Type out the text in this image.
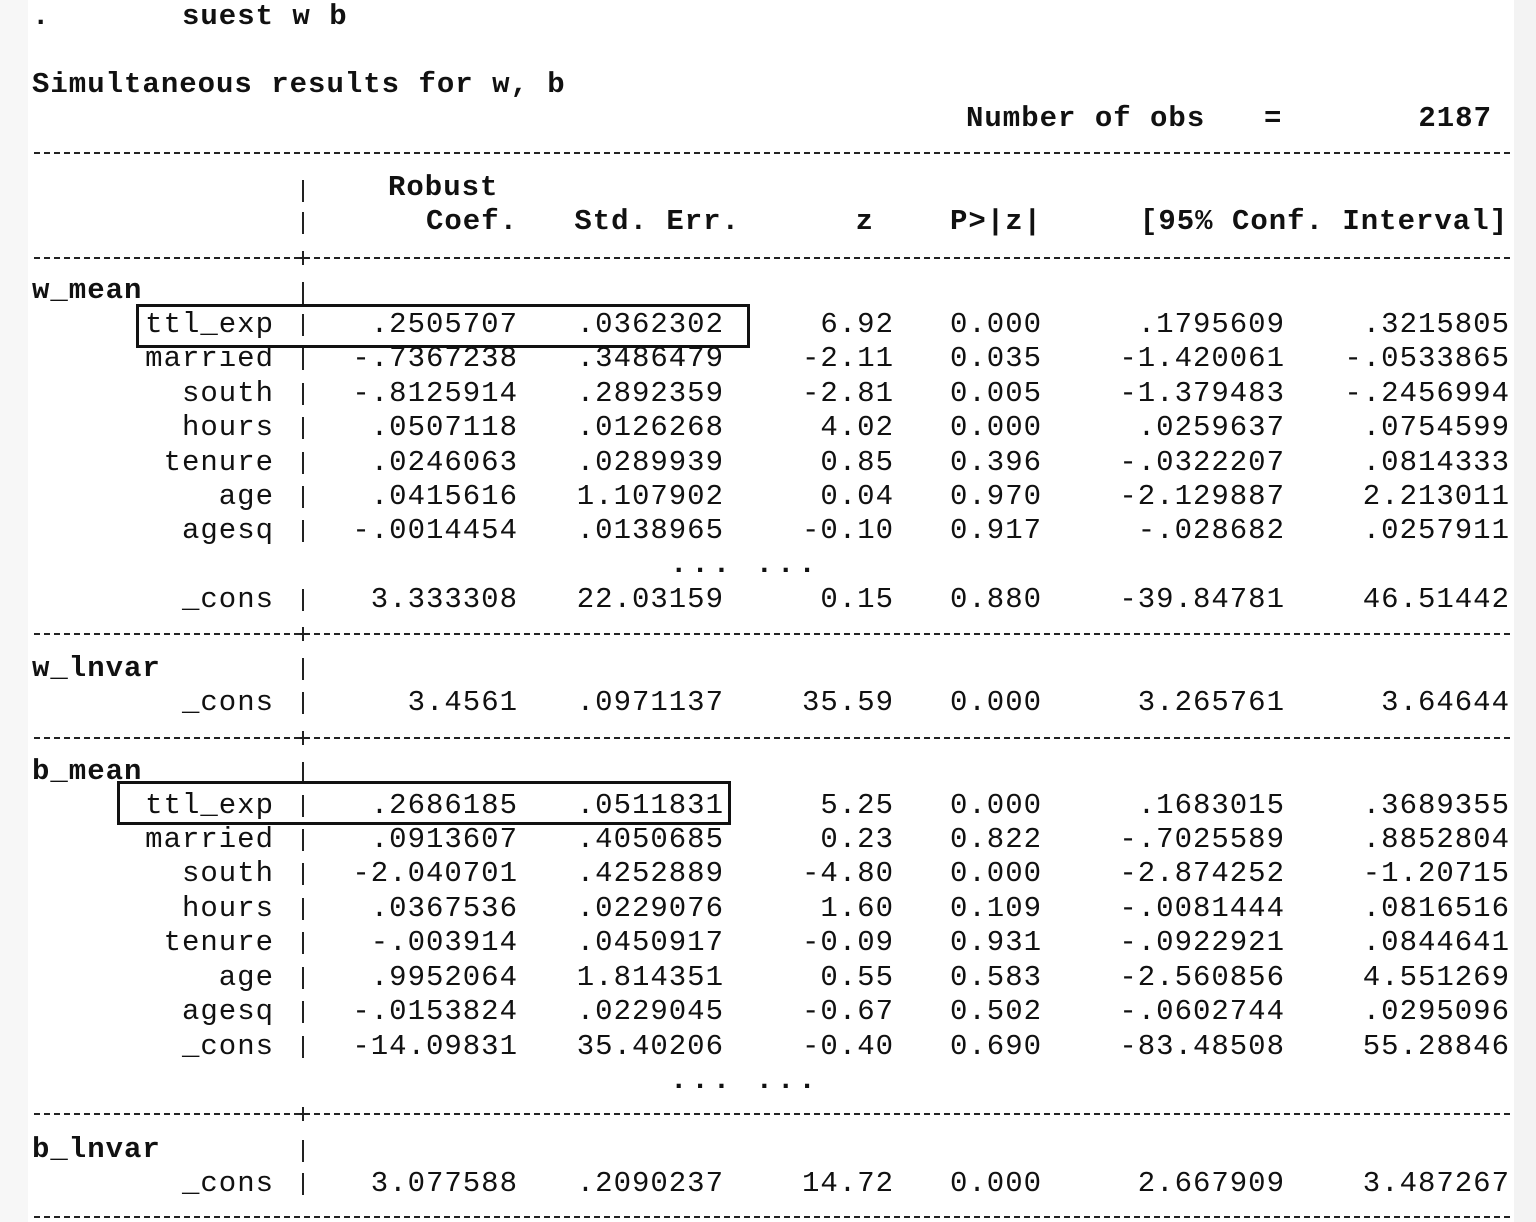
.	suest w b
Simultaneous results for w, b
Number of obs =	2187
Robust
Coef. Std. Err.	z	P>|z|	[95% Conf. Interval]
w_mean
ttl_exp	.2505707 .0362302	6.92 0.000	.1795609	.3215805
married	-.7367238 .3486479	-2.11 0.035	-1.420061 -.0533865
south	-.8125914 .2892359	-2.81 0.005	-1.379483 -.2456994
hours	.0507118 .0126268	4.02 0.000	.0259637	.0754599
tenure	.0246063 .0289939	0.85 0.396	-.0322207	.0814333
age	.0415616 1.107902	0.04 0.970	-2.129887	2.213011
agesq	-.0014454 .0138965	-0.10 0.917	-.028682	.0257911
... ...
_cons	3.333308 22.03159	0.15 0.880	-39.84781	46.51442
w_lnvar
_cons	3.4561 .0971137	35.59 0.000	3.265761	3.64644
b_mean
ttl_exp	.2686185 .0511831	5.25 0.000	.1683015	.3689355
married	.0913607 .4050685	0.23 0.822	-.7025589	.8852804
south	-2.040701 .4252889	-4.80 0.000	-2.874252	-1.20715
hours	.0367536 .0229076	1.60 0.109	-.0081444	.0816516
tenure	-.003914 .0450917	-0.09 0.931	-.0922921	.0844641
age	.9952064 1.814351	0.55 0.583	-2.560856	4.551269
agesq	-.0153824 .0229045	-0.67 0.502	-.0602744	.0295096
_cons	-14.09831 35.40206	-0.40 0.690	-83.48508	55.28846
... ...
b_lnvar
_cons	3.077588 .2090237	14.72 0.000	2.667909	3.487267
